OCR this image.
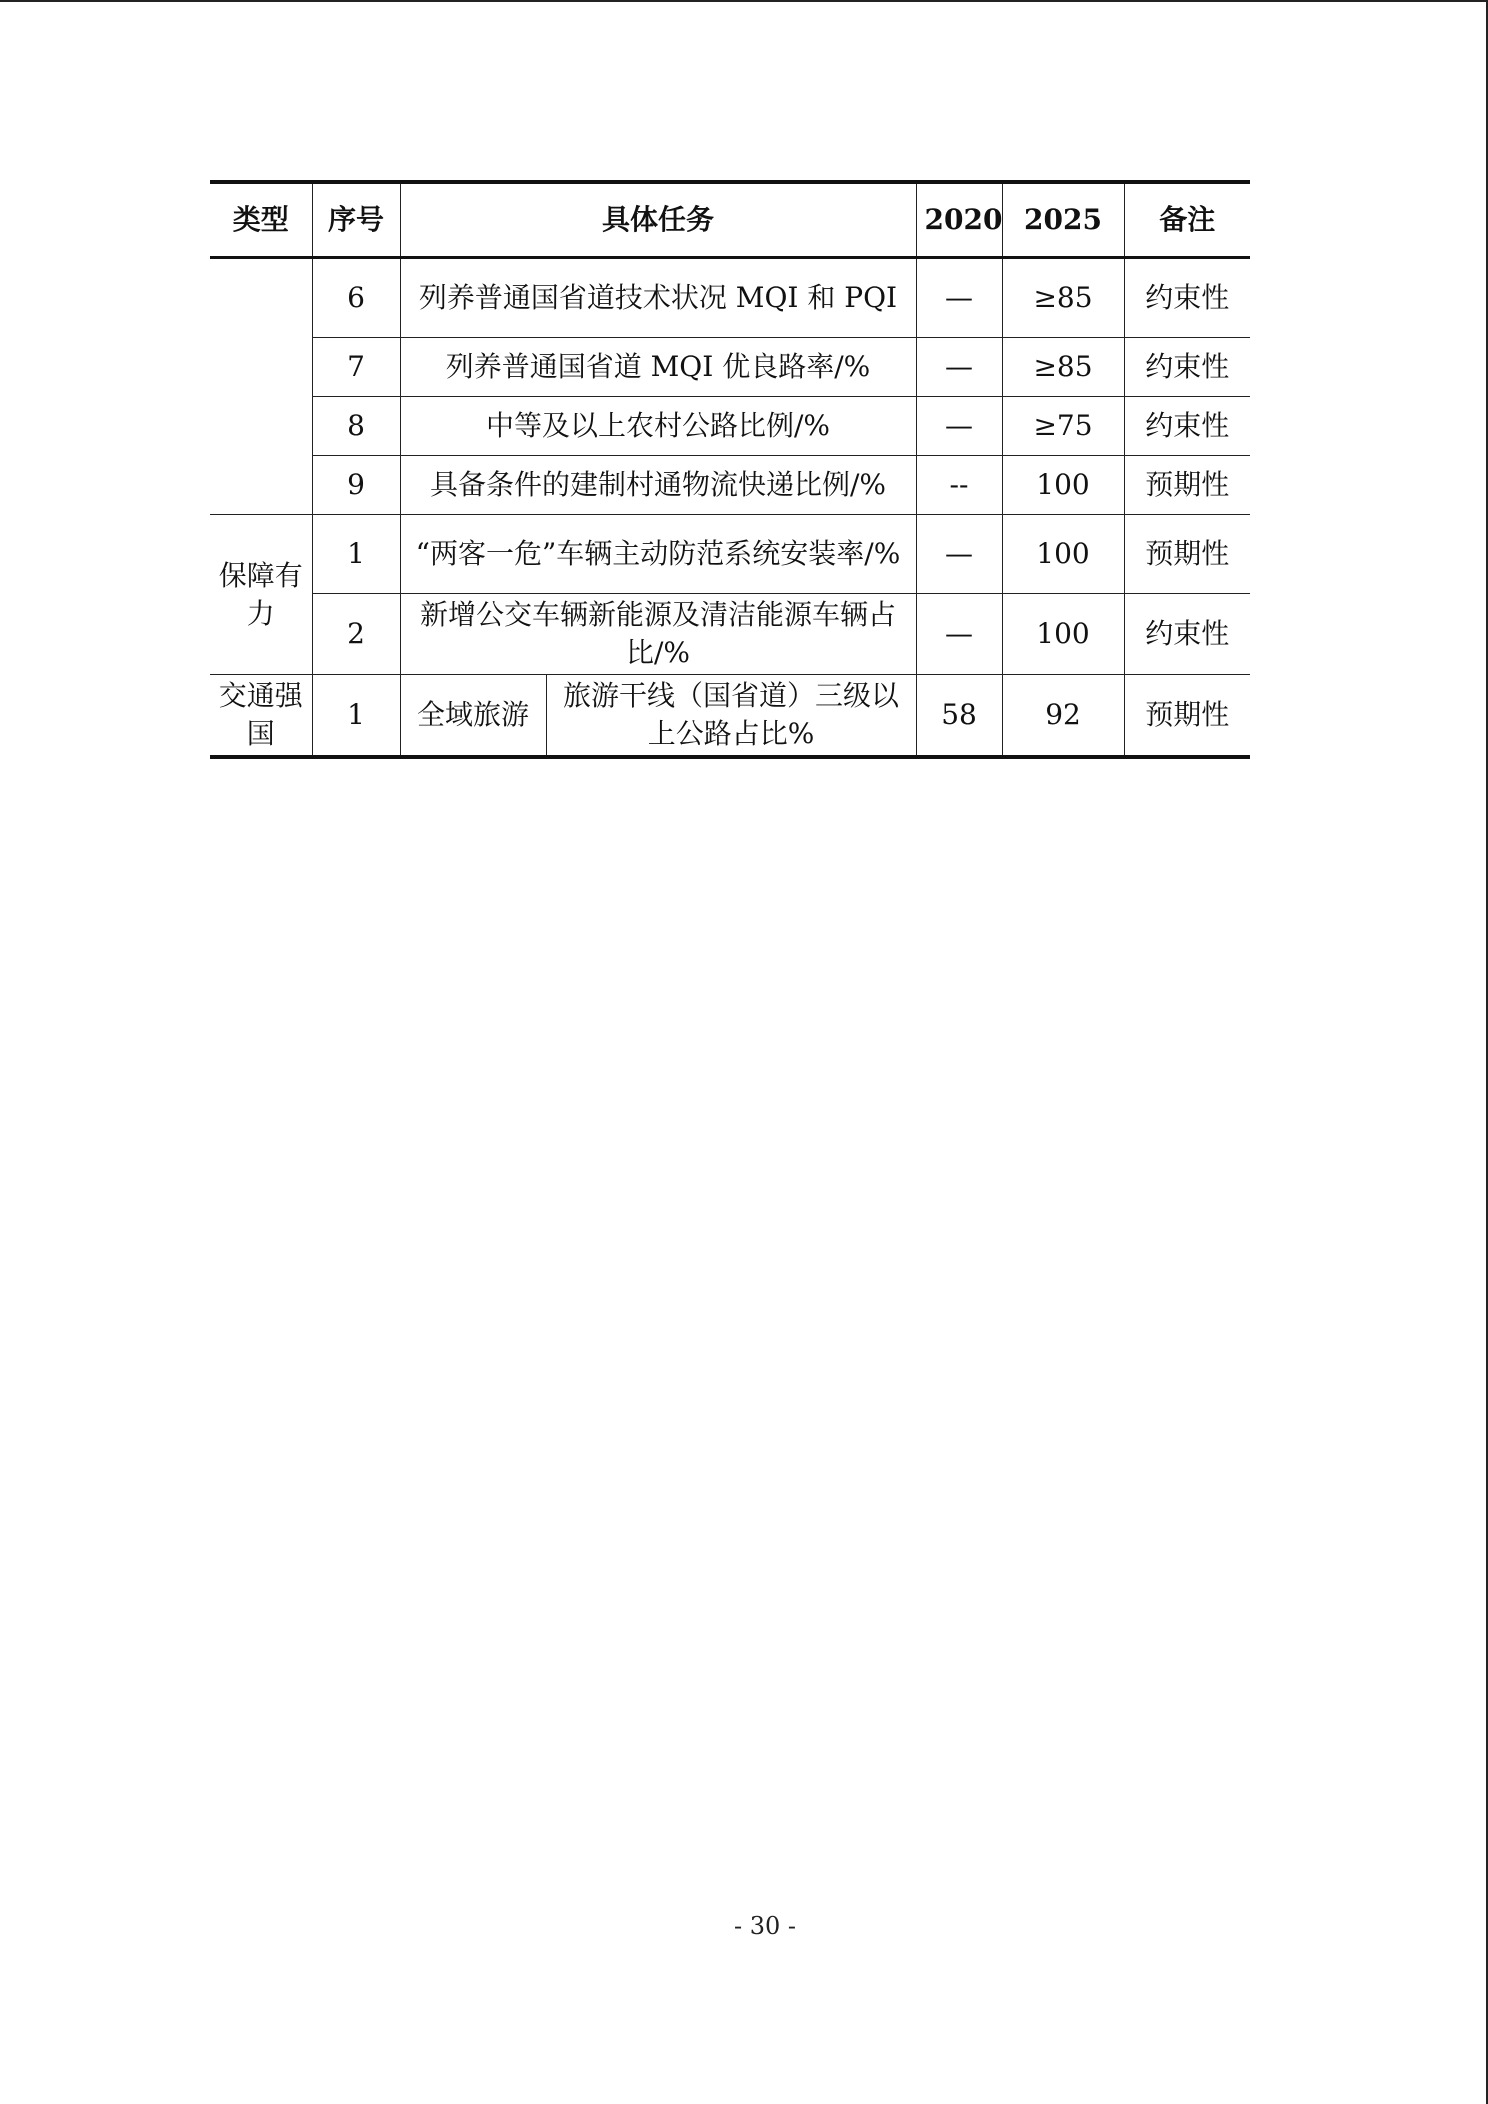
类型	序号	具体任务		2020	2025	备注
	6	列养普通国省道技术状况 MQI 和 PQI		—	≥85	约束性
	7	列养普通国省道 MQI 优良路率/%		—	≥85	约束性
	8	中等及以上农村公路比例/%		—	≥75	约束性
	9	具备条件的建制村通物流快递比例/%		--	100	预期性
保障有力	1	“两客一危”车辆主动防范系统安装率/%		—	100	预期性
	2	新增公交车辆新能源及清洁能源车辆占比/%		—	100	约束性
交通强国	1	全域旅游	旅游干线（国省道）三级以上公路占比%	58	92	预期性
- 30 -
